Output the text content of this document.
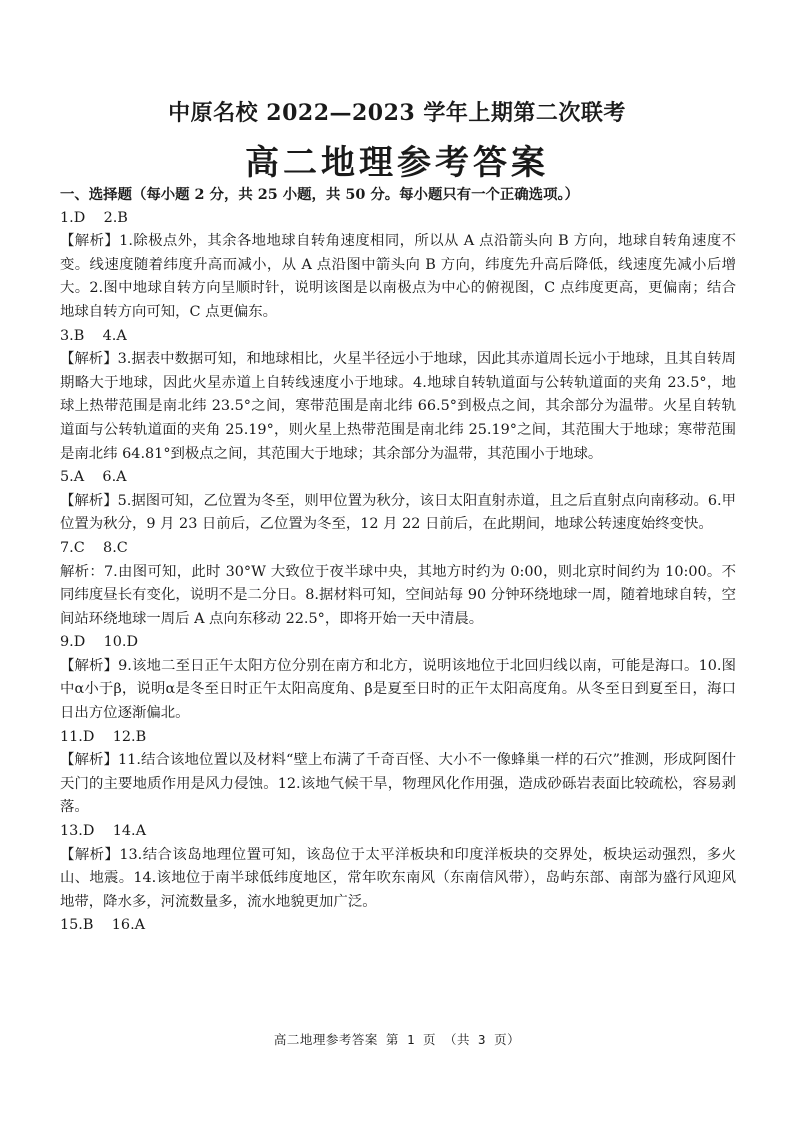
中原名校 2022—2023 学年上期第二次联考
高二地理参考答案
一、选择题（每小题 2 分，共 25 小题，共 50 分。每小题只有一个正确选项。）
1.D    2.B
【解析】1.除极点外，其余各地地球自转角速度相同，所以从 A 点沿箭头向 B 方向，地球自转角速度不变。线速度随着纬度升高而减小，从 A 点沿图中箭头向 B 方向，纬度先升高后降低，线速度先减小后增大。2.图中地球自转方向呈顺时针，说明该图是以南极点为中心的俯视图，C 点纬度更高，更偏南；结合地球自转方向可知，C 点更偏东。
3.B    4.A
【解析】3.据表中数据可知，和地球相比，火星半径远小于地球，因此其赤道周长远小于地球，且其自转周期略大于地球，因此火星赤道上自转线速度小于地球。4.地球自转轨道面与公转轨道面的夹角 23.5°，地球上热带范围是南北纬 23.5°之间，寒带范围是南北纬 66.5°到极点之间，其余部分为温带。火星自转轨道面与公转轨道面的夹角 25.19°，则火星上热带范围是南北纬 25.19°之间，其范围大于地球；寒带范围是南北纬 64.81°到极点之间，其范围大于地球；其余部分为温带，其范围小于地球。
5.A    6.A
【解析】5.据图可知，乙位置为冬至，则甲位置为秋分，该日太阳直射赤道，且之后直射点向南移动。6.甲位置为秋分，9 月 23 日前后，乙位置为冬至，12 月 22 日前后，在此期间，地球公转速度始终变快。
7.C    8.C
解析：7.由图可知，此时 30°W 大致位于夜半球中央，其地方时约为 0:00，则北京时间约为 10:00。不同纬度昼长有变化，说明不是二分日。8.据材料可知，空间站每 90 分钟环绕地球一周，随着地球自转，空间站环绕地球一周后 A 点向东移动 22.5°，即将开始一天中清晨。
9.D    10.D
【解析】9.该地二至日正午太阳方位分别在南方和北方，说明该地位于北回归线以南，可能是海口。10.图中α小于β，说明α是冬至日时正午太阳高度角、β是夏至日时的正午太阳高度角。从冬至日到夏至日，海口日出方位逐渐偏北。
11.D    12.B
【解析】11.结合该地位置以及材料“壁上布满了千奇百怪、大小不一像蜂巢一样的石穴”推测，形成阿图什天门的主要地质作用是风力侵蚀。12.该地气候干旱，物理风化作用强，造成砂砾岩表面比较疏松，容易剥落。
13.D    14.A
【解析】13.结合该岛地理位置可知，该岛位于太平洋板块和印度洋板块的交界处，板块运动强烈，多火山、地震。14.该地位于南半球低纬度地区，常年吹东南风（东南信风带），岛屿东部、南部为盛行风迎风地带，降水多，河流数量多，流水地貌更加广泛。
15.B    16.A
高二地理参考答案 第 1 页 （共 3 页）
